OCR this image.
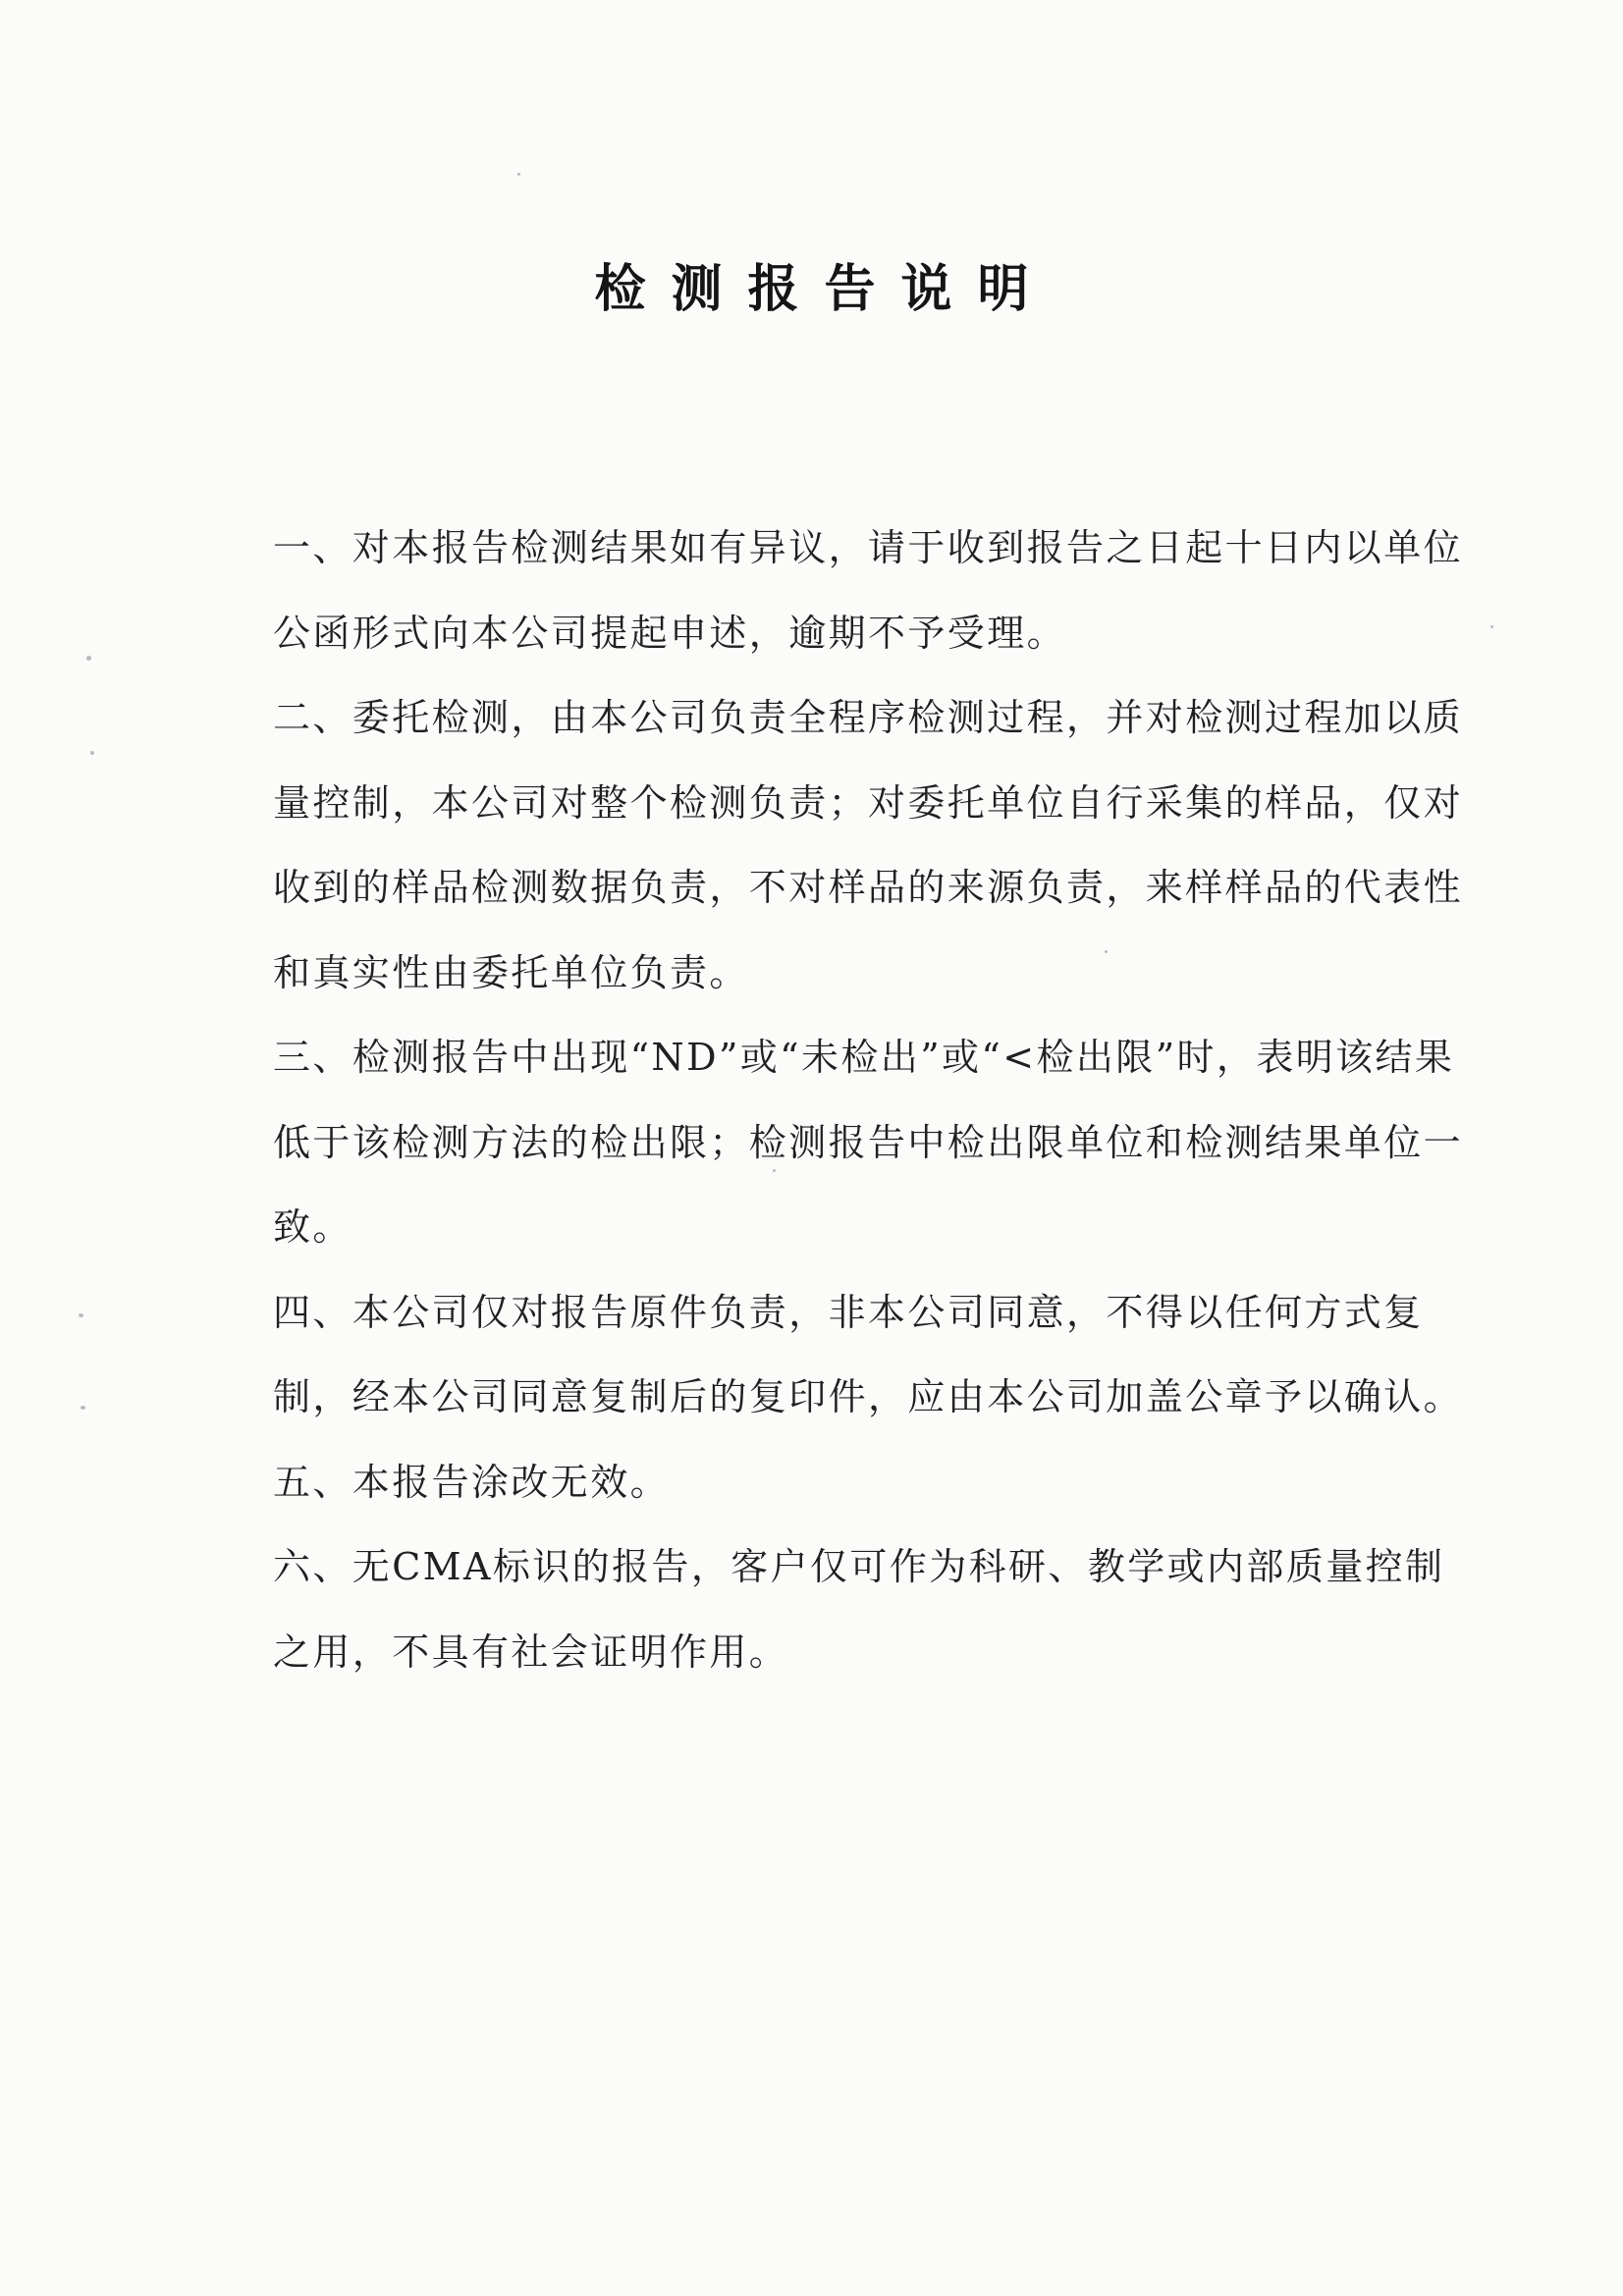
检测报告说明

一、对本报告检测结果如有异议，请于收到报告之日起十日内以单位公函形式向本公司提起申述，逾期不予受理。

二、委托检测，由本公司负责全程序检测过程，并对检测过程加以质量控制，本公司对整个检测负责；对委托单位自行采集的样品，仅对收到的样品检测数据负责，不对样品的来源负责，来样样品的代表性和真实性由委托单位负责。

三、检测报告中出现“ND”或“未检出”或“<检出限”时，表明该结果低于该检测方法的检出限；检测报告中检出限单位和检测结果单位一致。

四、本公司仅对报告原件负责，非本公司同意，不得以任何方式复制，经本公司同意复制后的复印件，应由本公司加盖公章予以确认。

五、本报告涂改无效。

六、无CMA标识的报告，客户仅可作为科研、教学或内部质量控制之用，不具有社会证明作用。
